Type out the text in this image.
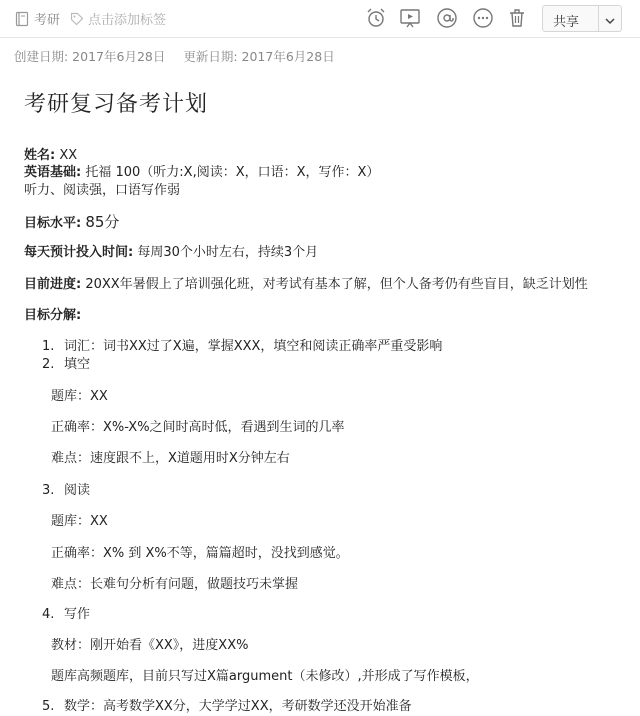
考研 点击添加标签	共享
创建日期: 2017年6月28日 更新日期: 2017年6月28日
考研复习备考计划
姓名: XX
英语基础: 托福 100（听力:X,阅读：X，口语：X，写作：X）
听力、阅读强，口语写作弱
目标水平: 85分
每天预计投入时间: 每周30个小时左右，持续3个月
目前进度: 20XX年暑假上了培训强化班，对考试有基本了解，但个人备考仍有些盲目，缺乏计划性
目标分解:
1. 词汇：词书XX过了X遍，掌握XXX，填空和阅读正确率严重受影响
2. 填空
题库：XX
正确率：X%-X%之间时高时低，看遇到生词的几率
难点：速度跟不上，X道题用时X分钟左右
3. 阅读
题库：XX
正确率：X% 到 X%不等，篇篇超时，没找到感觉。
难点：长难句分析有问题，做题技巧未掌握
4. 写作
教材：刚开始看《XX》，进度XX%
题库高频题库，目前只写过X篇argument（未修改）,并形成了写作模板，
5. 数学：高考数学XX分，大学学过XX，考研数学还没开始准备
